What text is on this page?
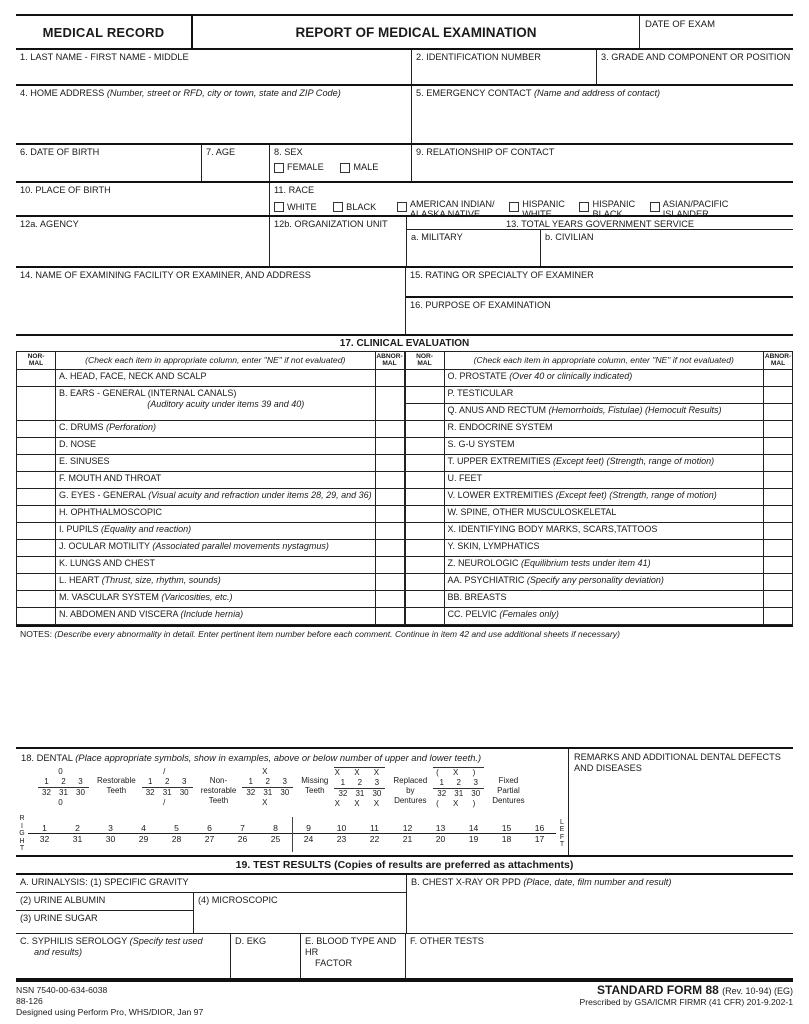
MEDICAL RECORD	REPORT OF MEDICAL EXAMINATION	DATE OF EXAM
1. LAST NAME - FIRST NAME - MIDDLE	2. IDENTIFICATION NUMBER	3. GRADE AND COMPONENT OR POSITION
4. HOME ADDRESS (Number, street or RFD, city or town, state and ZIP Code)	5. EMERGENCY CONTACT (Name and address of contact)
6. DATE OF BIRTH	7. AGE	8. SEX
FEMALE
	MALE
9. RELATIONSHIP OF CONTACT
10. PLACE OF BIRTH	11. RACE
WHITE
	BLACK
	AMERICAN INDIAN/
ALASKA NATIVE

HISPANIC
WHITE

HISPANIC
BLACK

ASIAN/PACIFIC
ISLANDER
12a. AGENCY	12b. ORGANIZATION UNIT	13. TOTAL YEARS GOVERNMENT SERVICE
a. MILITARY	b. CIVILIAN
14. NAME OF EXAMINING FACILITY OR EXAMINER, AND ADDRESS	15. RATING OR SPECIALTY OF EXAMINER
16. PURPOSE OF EXAMINATION
17. CLINICAL EVALUATION
NOR-
MAL	(Check each item in appropriate column, enter "NE" if not evaluated)	ABNOR-
MAL
A. HEAD, FACE, NECK AND SCALP
B. EARS - GENERAL (INTERNAL CANALS)
(Auditory acuity under items 39 and 40)
C. DRUMS (Perforation)
D. NOSE
E. SINUSES
F. MOUTH AND THROAT
G. EYES - GENERAL (Visual acuity and refraction under items 28, 29, and 36)
H. OPHTHALMOSCOPIC
I. PUPILS (Equality and reaction)
J. OCULAR MOTILITY (Associated parallel movements nystagmus)
K. LUNGS AND CHEST
L. HEART (Thrust, size, rhythm, sounds)
M. VASCULAR SYSTEM (Varicosities, etc.)
N. ABDOMEN AND VISCERA (Include hernia)
NOR-
MAL	(Check each item in appropriate column, enter "NE" if not evaluated)	ABNOR-
MAL
O. PROSTATE (Over 40 or clinically indicated)
P. TESTICULAR
Q. ANUS AND RECTUM (Hemorrhoids, Fistulae) (Hemocult Results)
R. ENDOCRINE SYSTEM
S. G-U SYSTEM
T. UPPER EXTREMITIES (Except feet) (Strength, range of motion)
U. FEET
V. LOWER EXTREMITIES (Except feet) (Strength, range of motion)
W. SPINE, OTHER MUSCULOSKELETAL
X. IDENTIFYING BODY MARKS, SCARS,TATTOOS
Y. SKIN, LYMPHATICS
Z. NEUROLOGIC (Equilibrium tests under item 41)
AA. PSYCHIATRIC (Specify any personality deviation)
BB. BREASTS
CC. PELVIC (Females only)
NOTES: (Describe every abnormality in detail. Enter pertinent item number before each comment. Continue in item 42 and use additional sheets if necessary)
18. DENTAL (Place appropriate symbols, show in examples, above or below number of upper and lower teeth.)
0
1 2 3
32 31 30
0
Restorable
Teeth
/
1 2 3
32 31 30
/
Non-
restorable
Teeth
X
1 2 3
32 31 30
X
Missing
Teeth
X X X
1 2 3
32 31 30
X X X
Replaced
by
Dentures
( X )
1 2 3
32 31 30
( X )
Fixed
Partial
Dentures
R
I
G
H
T
1	2	3	4	5	6	7	8	9	10	11	12	13	14	15	16
32	31	30	29	28	27	26	25	24	23	22	21	20	19	18	17
L
E
F
T
REMARKS AND ADDITIONAL DENTAL DEFECTS AND DISEASES
19. TEST RESULTS (Copies of results are preferred as attachments)
A. URINALYSIS: (1) SPECIFIC GRAVITY
(2) URINE ALBUMIN
(3) URINE SUGAR
(4) MICROSCOPIC
B. CHEST X-RAY OR PPD (Place, date, film number and result)
C. SYPHILIS SEROLOGY (Specify test used
and results)
D. EKG	E. BLOOD TYPE AND HR
FACTOR
F. OTHER TESTS
NSN 7540-00-634-6038
88-126
Designed using Perform Pro, WHS/DIOR, Jan 97
STANDARD FORM 88 (Rev. 10-94) (EG)
Prescribed by GSA/ICMR FIRMR (41 CFR) 201-9.202-1
